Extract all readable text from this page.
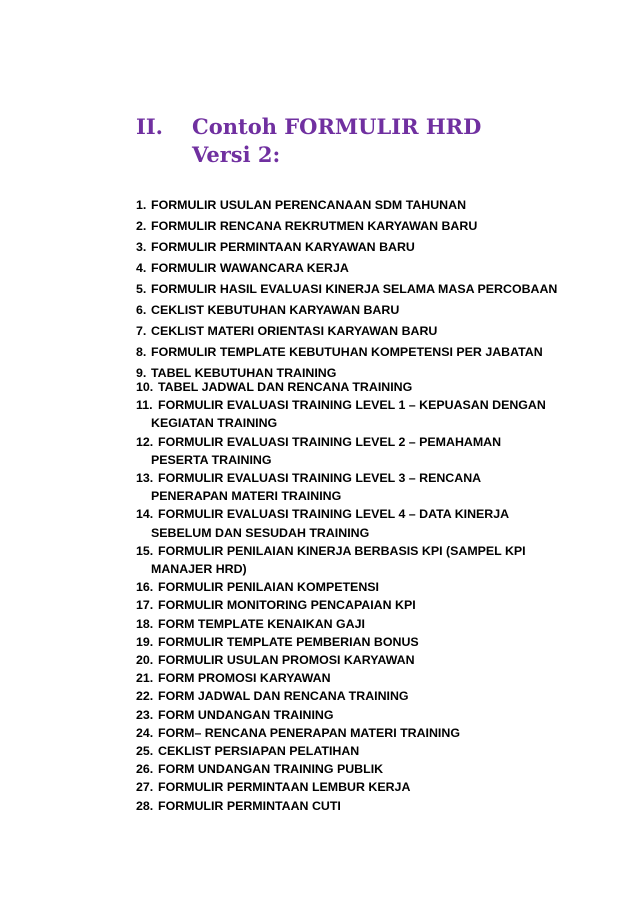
II.	Contoh FORMULIR HRD
Versi 2:
1. FORMULIR USULAN PERENCANAAN SDM TAHUNAN
2. FORMULIR RENCANA REKRUTMEN KARYAWAN BARU
3. FORMULIR PERMINTAAN KARYAWAN BARU
4. FORMULIR WAWANCARA KERJA
5. FORMULIR HASIL EVALUASI KINERJA SELAMA MASA PERCOBAAN
6. CEKLIST KEBUTUHAN KARYAWAN BARU
7. CEKLIST MATERI ORIENTASI KARYAWAN BARU
8. FORMULIR TEMPLATE KEBUTUHAN KOMPETENSI PER JABATAN
9. TABEL KEBUTUHAN TRAINING
10. TABEL JADWAL DAN RENCANA TRAINING
11. FORMULIR EVALUASI TRAINING LEVEL 1 – KEPUASAN DENGAN
KEGIATAN TRAINING
12. FORMULIR EVALUASI TRAINING LEVEL 2 – PEMAHAMAN
PESERTA TRAINING
13. FORMULIR EVALUASI TRAINING LEVEL 3 – RENCANA
PENERAPAN MATERI TRAINING
14. FORMULIR EVALUASI TRAINING LEVEL 4 – DATA KINERJA
SEBELUM DAN SESUDAH TRAINING
15. FORMULIR PENILAIAN KINERJA BERBASIS KPI (SAMPEL KPI
MANAJER HRD)
16. FORMULIR PENILAIAN KOMPETENSI
17. FORMULIR MONITORING PENCAPAIAN KPI
18. FORM TEMPLATE KENAIKAN GAJI
19. FORMULIR TEMPLATE PEMBERIAN BONUS
20. FORMULIR USULAN PROMOSI KARYAWAN
21. FORM PROMOSI KARYAWAN
22. FORM JADWAL DAN RENCANA TRAINING
23. FORM UNDANGAN TRAINING
24. FORM– RENCANA PENERAPAN MATERI TRAINING
25. CEKLIST PERSIAPAN PELATIHAN
26. FORM UNDANGAN TRAINING PUBLIK
27. FORMULIR PERMINTAAN LEMBUR KERJA
28. FORMULIR PERMINTAAN CUTI
